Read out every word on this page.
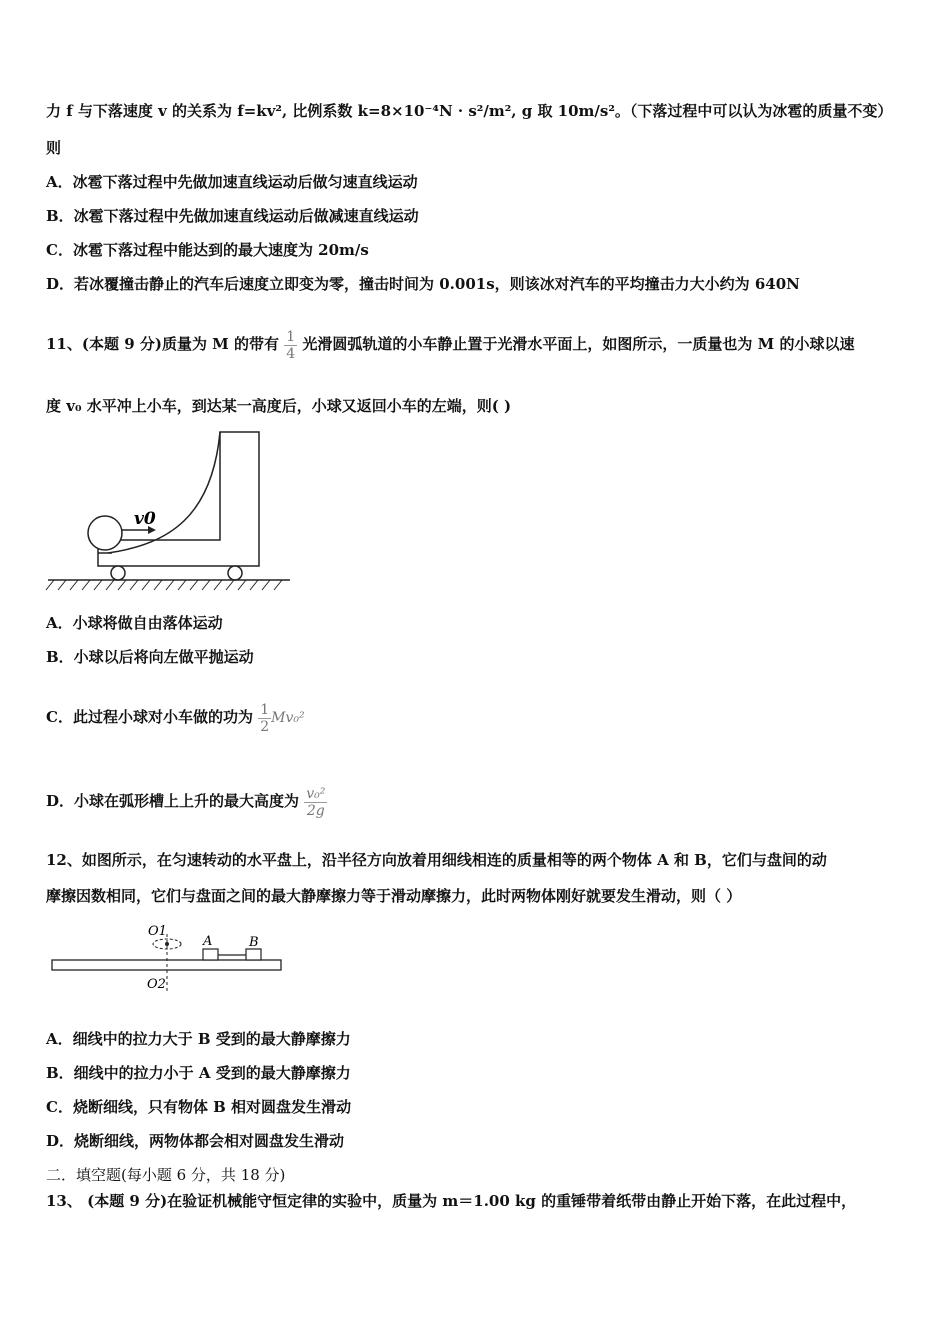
力 f 与下落速度 v 的关系为 f=kv², 比例系数 k=8×10⁻⁴N · s²/m², g 取 10m/s²。（下落过程中可以认为冰雹的质量不变）
则
A．冰雹下落过程中先做加速直线运动后做匀速直线运动
B．冰雹下落过程中先做加速直线运动后做减速直线运动
C．冰雹下落过程中能达到的最大速度为 20m/s
D．若冰覆撞击静止的汽车后速度立即变为零，撞击时间为 0.001s，则该冰对汽车的平均撞击力大小约为 640N
11、(本题 9 分)质量为 M 的带有 $\frac{1}{4}$ 光滑圆弧轨道的小车静止置于光滑水平面上，如图所示，一质量也为 M 的小球以速
度 v₀ 水平冲上小车，到达某一高度后，小球又返回小车的左端，则( )
v0
A．小球将做自由落体运动
B．小球以后将向左做平抛运动
C．此过程小球对小车做的功为 $\frac{1}{2} Mv_0^2$
D．小球在弧形槽上上升的最大高度为 $\frac{\text{v₀²}}{2g}$
12、如图所示，在匀速转动的水平盘上，沿半径方向放着用细线相连的质量相等的两个物体 A 和 B，它们与盘间的动
摩擦因数相同，它们与盘面之间的最大静摩擦力等于滑动摩擦力，此时两物体刚好就要发生滑动，则（ ）
O1
O2
A	B
A．细线中的拉力大于 B 受到的最大静摩擦力
B．细线中的拉力小于 A 受到的最大静摩擦力
C．烧断细线，只有物体 B 相对圆盘发生滑动
D．烧断细线，两物体都会相对圆盘发生滑动
二．填空题(每小题 6 分，共 18 分)
13、 (本题 9 分)在验证机械能守恒定律的实验中，质量为 m＝1.00 kg 的重锤带着纸带由静止开始下落，在此过程中，
